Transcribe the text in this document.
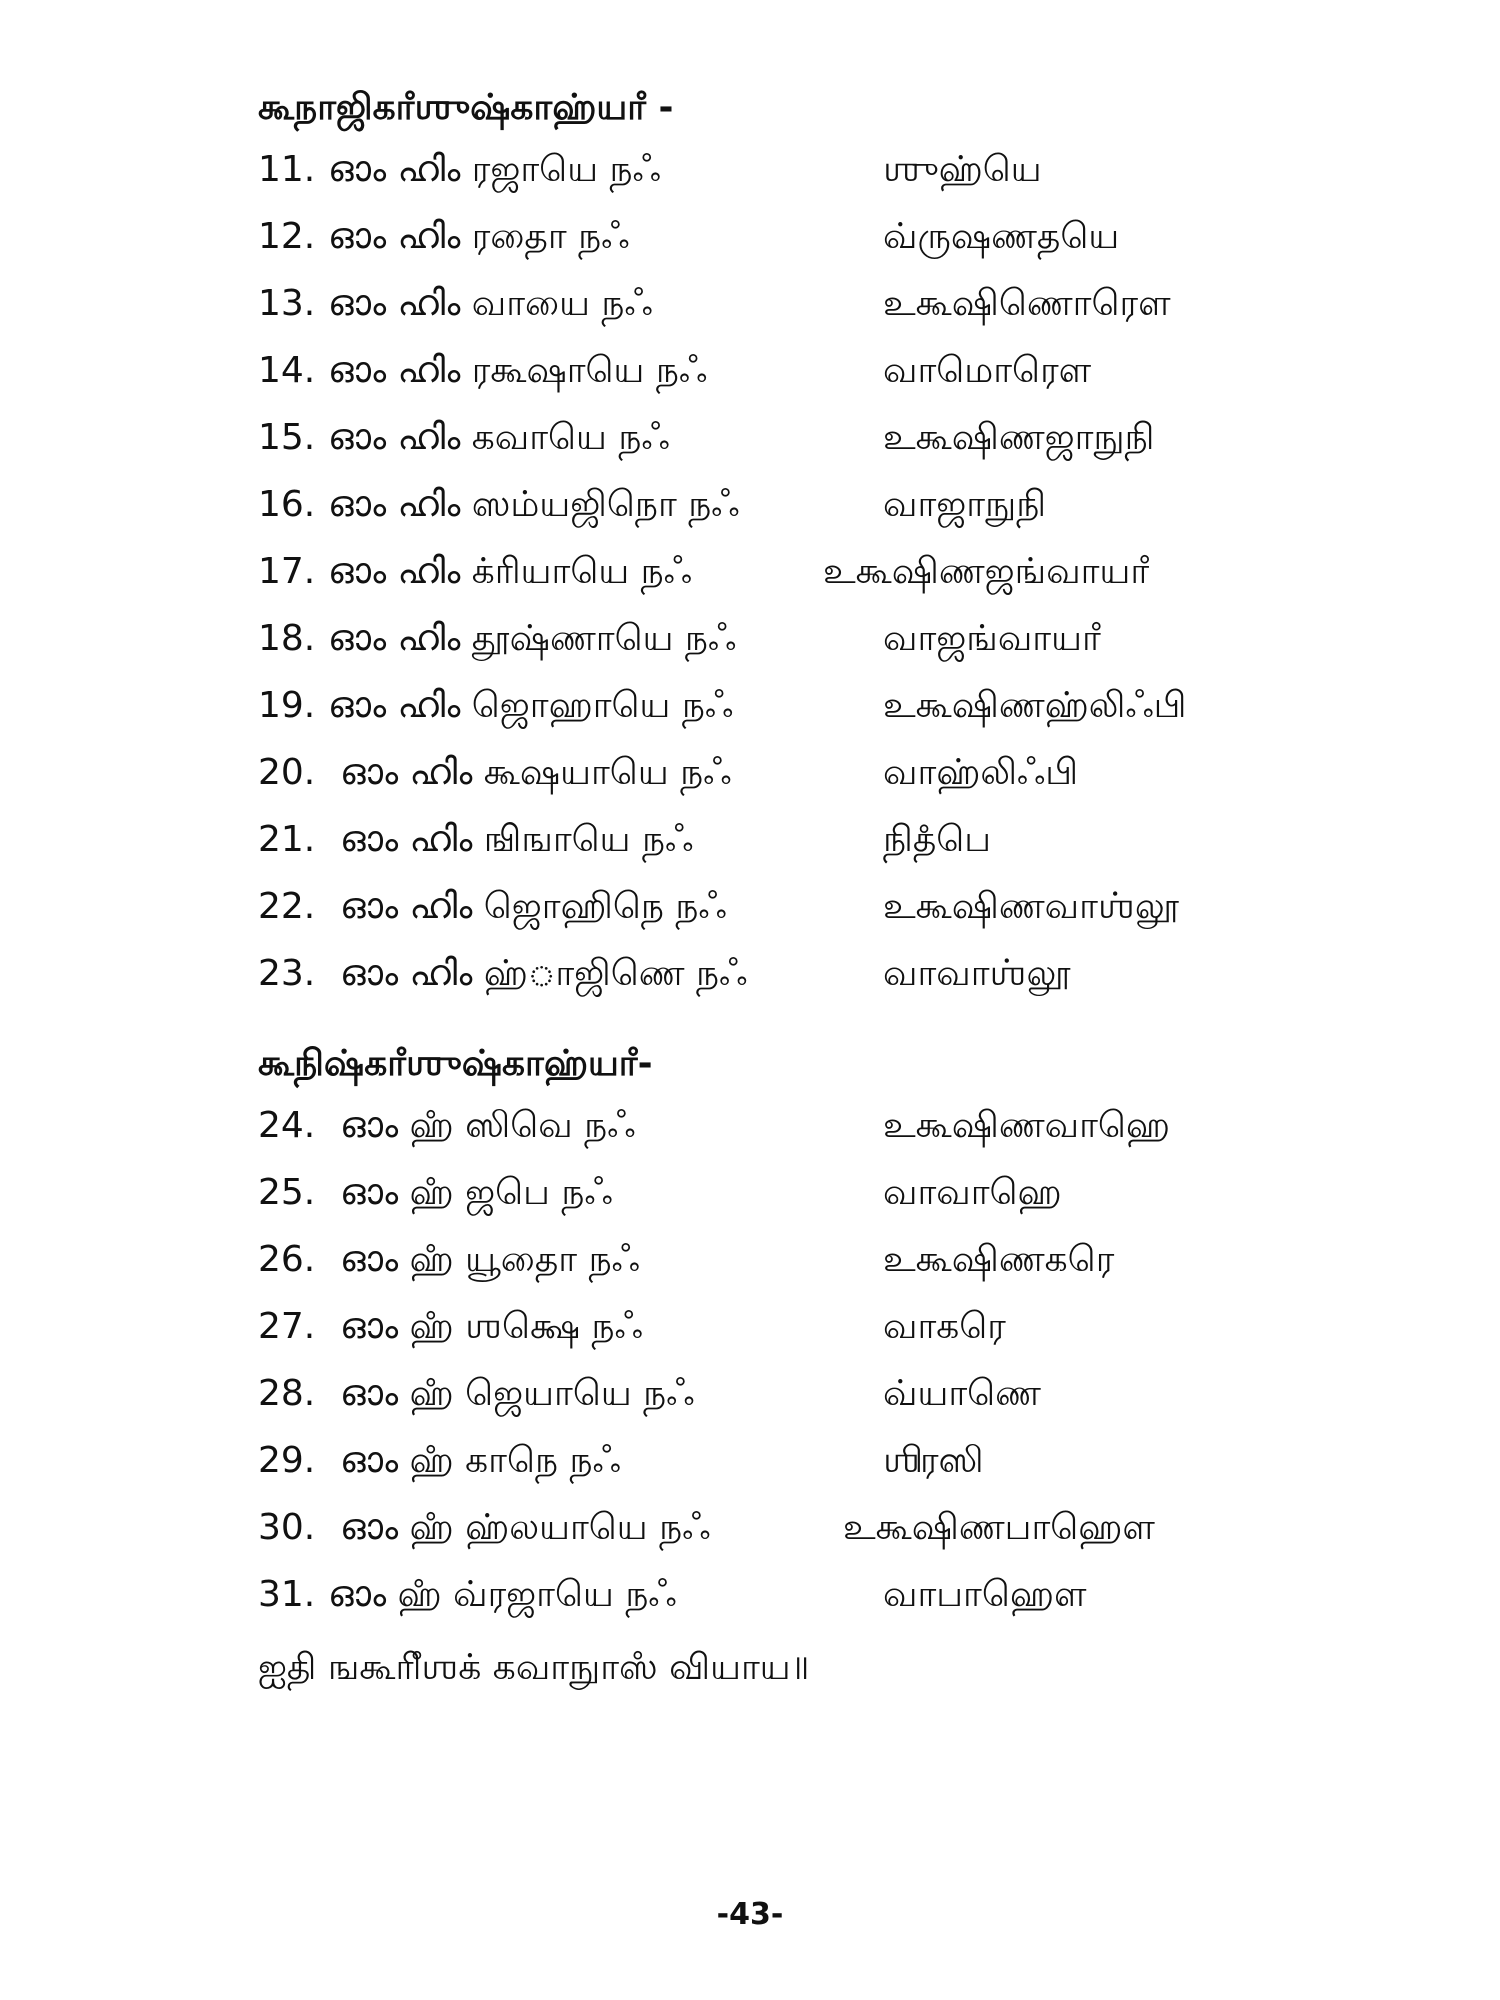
கூநாஜிகாஂஶுஷ்காஹ்யாஂ -
11. ഓം ഹിം ரஜாயெ நஃ	ஶுஹ்யெ
12. ഓം ഹിം ரதைா நஃ	வ்ருஷணதயெ
13. ഓം ഹിം வாயை நஃ	உகூஷிணொரௌ
14. ഓം ഹിം ரகூஷாயெ நஃ	வாமொரௌ
15. ഓം ഹിം கவாயெ நஃ	உகூஷிணஜாநுநி
16. ഓം ഹിം ஸம்யஜிநொ நஃ	வாஜாநுநி
17. ഓം ഹിം க்ரியாயெ நஃ	உகூஷிணஜங்வாயாஂ
18. ഓം ഹിം தூஷ்ணாயெ நஃ	வாஜங்வாயாஂ
19. ഓം ഹിം ஜொஹாயெ நஃ	உகூஷிணஹ்லிஃபி
20. ഓം ഹിം கூஷயாயெ நஃ	வாஹ்லிஃபி
21. ഓം ഹിം ஙிஙாயெ நஃ	நிதஂபெ
22. ഓം ഹിം ஜொஹிநெ நஃ	உகூஷிணவாஶ்லூ
23. ഓം ഹിം ஹ்ாஜிணெ நஃ	வாவாஶ்லூ
கூநிஷ்காஂஶுஷ்காஹ்யாஂ-
24. ഓം ஹஂ ஸிவெ நஃ	உகூஷிணவாஹெ
25. ഓം ஹஂ ஜபெ நஃ	வாவாஹெ
26. ഓം ஹஂ யூதைா நஃ	உகூஷிணகரெ
27. ഓം ஹஂ ஶக்ஷெ நஃ	வாகரெ
28. ഓം ஹஂ ஜெயாயெ நஃ	வ்யாணெ
29. ഓം ஹஂ காநெ நஃ	ஶிரஸி
30. ഓം ஹஂ ஹ்லயாயெ நஃ	உகூஷிணபாஹௌ
31. ഓം ஹஂ வ்ரஜாயெ நஃ	வாபாஹௌ
ஐதி ஙகூரிஂஶக் கவாநுாஸஂ வியாய॥
-43-
